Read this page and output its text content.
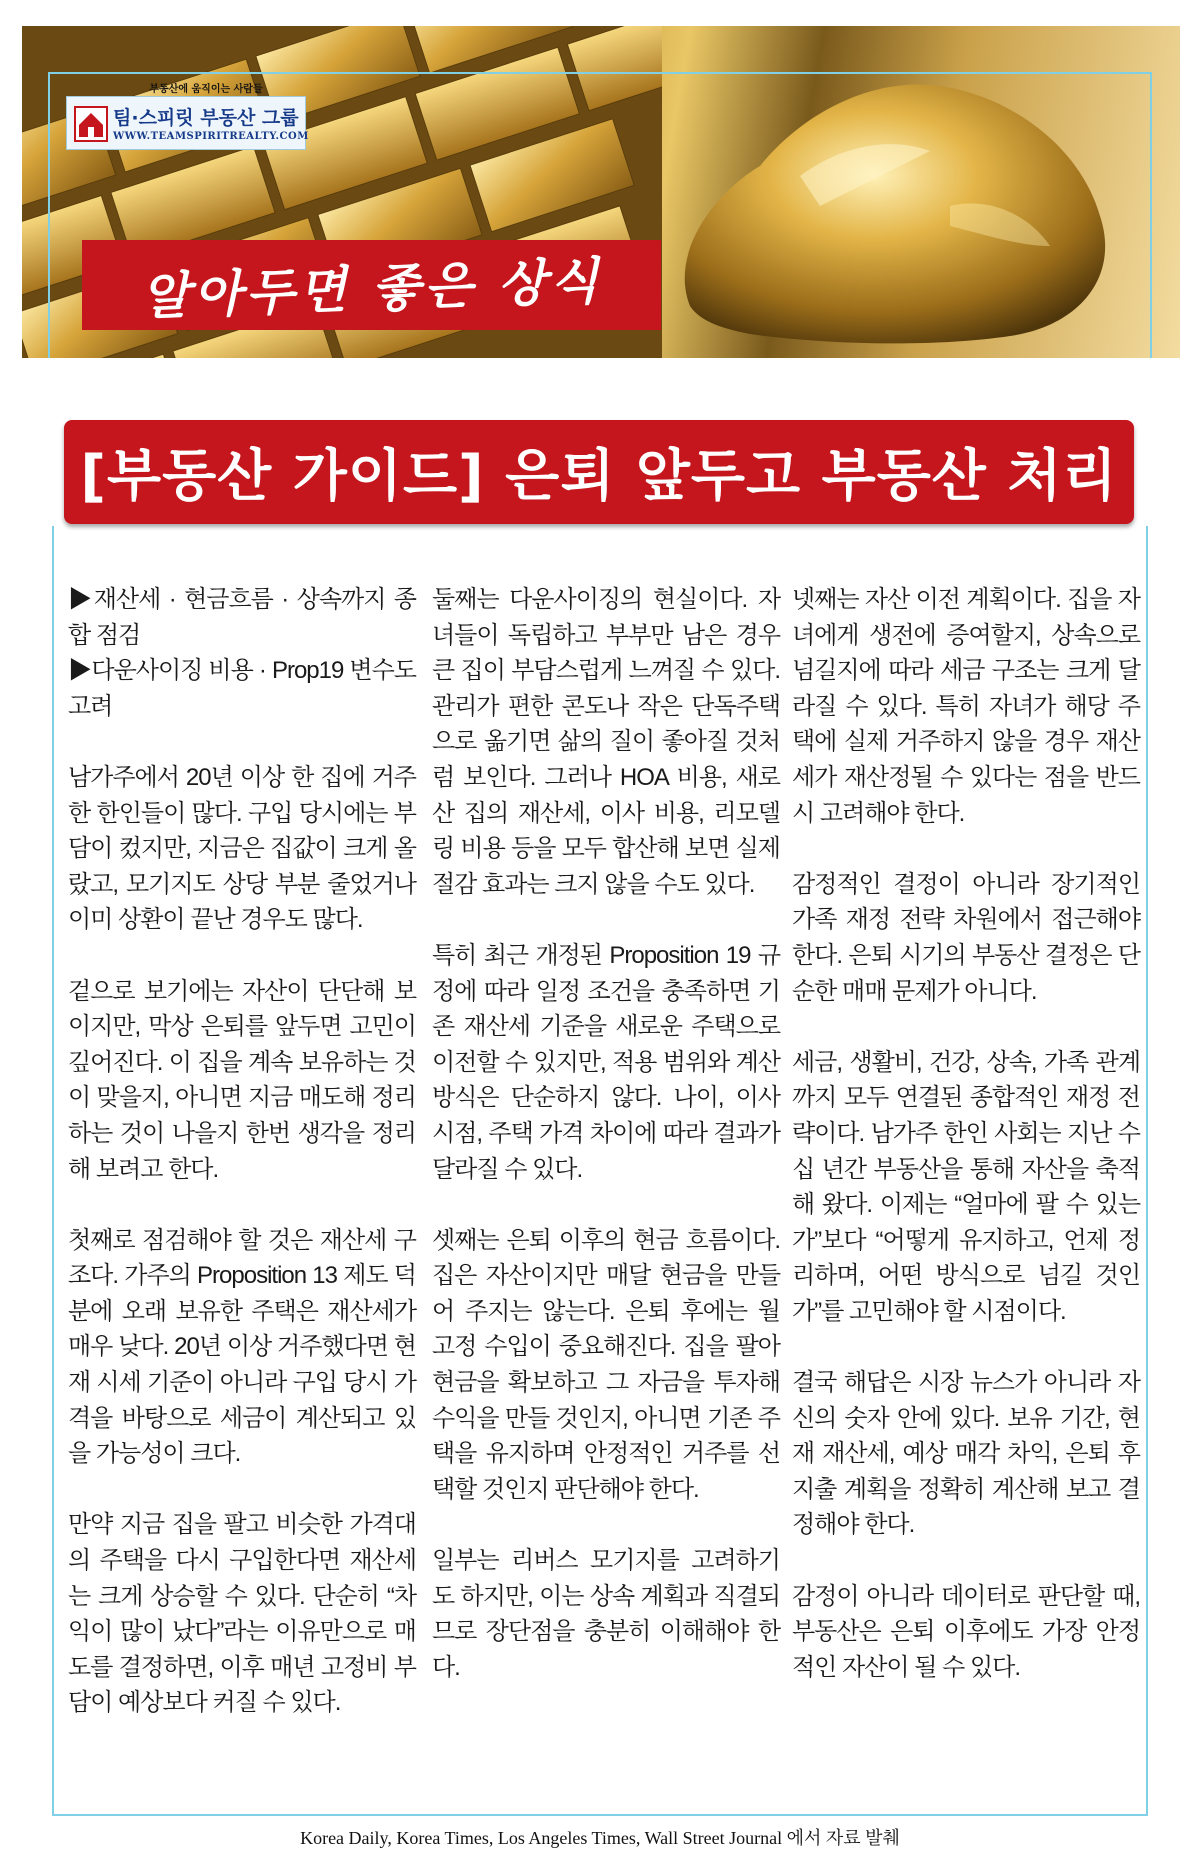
알아두면 좋은 상식
부동산에 움직이는 사람들
팀·스피릿 부동산 그룹
WWW.TEAMSPIRITREALTY.COM
[부동산 가이드] 은퇴 앞두고 부동산 처리

▶재산세 · 현금흐름 · 상속까지 종합 점검

▶다운사이징 비용 · Prop19 변수도 고려

남가주에서 20년 이상 한 집에 거주한 한인들이 많다. 구입 당시에는 부담이 컸지만, 지금은 집값이 크게 올랐고, 모기지도 상당 부분 줄었거나 이미 상환이 끝난 경우도 많다.

겉으로 보기에는 자산이 단단해 보이지만, 막상 은퇴를 앞두면 고민이 깊어진다. 이 집을 계속 보유하는 것이 맞을지, 아니면 지금 매도해 정리하는 것이 나을지 한번 생각을 정리해 보려고 한다.

첫째로 점검해야 할 것은 재산세 구조다. 가주의 Proposition 13 제도 덕분에 오래 보유한 주택은 재산세가 매우 낮다. 20년 이상 거주했다면 현재 시세 기준이 아니라 구입 당시 가격을 바탕으로 세금이 계산되고 있을 가능성이 크다.

만약 지금 집을 팔고 비슷한 가격대의 주택을 다시 구입한다면 재산세는 크게 상승할 수 있다. 단순히 “차익이 많이 났다”라는 이유만으로 매도를 결정하면, 이후 매년 고정비 부담이 예상보다 커질 수 있다.

둘째는 다운사이징의 현실이다. 자녀들이 독립하고 부부만 남은 경우 큰 집이 부담스럽게 느껴질 수 있다. 관리가 편한 콘도나 작은 단독주택으로 옮기면 삶의 질이 좋아질 것처럼 보인다. 그러나 HOA 비용, 새로 산 집의 재산세, 이사 비용, 리모델링 비용 등을 모두 합산해 보면 실제 절감 효과는 크지 않을 수도 있다.

특히 최근 개정된 Proposition 19 규정에 따라 일정 조건을 충족하면 기존 재산세 기준을 새로운 주택으로 이전할 수 있지만, 적용 범위와 계산 방식은 단순하지 않다. 나이, 이사 시점, 주택 가격 차이에 따라 결과가 달라질 수 있다.

셋째는 은퇴 이후의 현금 흐름이다. 집은 자산이지만 매달 현금을 만들어 주지는 않는다. 은퇴 후에는 월 고정 수입이 중요해진다. 집을 팔아 현금을 확보하고 그 자금을 투자해 수익을 만들 것인지, 아니면 기존 주택을 유지하며 안정적인 거주를 선택할 것인지 판단해야 한다.

일부는 리버스 모기지를 고려하기도 하지만, 이는 상속 계획과 직결되므로 장단점을 충분히 이해해야 한다.

넷째는 자산 이전 계획이다. 집을 자녀에게 생전에 증여할지, 상속으로 넘길지에 따라 세금 구조는 크게 달라질 수 있다. 특히 자녀가 해당 주택에 실제 거주하지 않을 경우 재산세가 재산정될 수 있다는 점을 반드시 고려해야 한다.

감정적인 결정이 아니라 장기적인 가족 재정 전략 차원에서 접근해야 한다. 은퇴 시기의 부동산 결정은 단순한 매매 문제가 아니다.

세금, 생활비, 건강, 상속, 가족 관계까지 모두 연결된 종합적인 재정 전략이다. 남가주 한인 사회는 지난 수십 년간 부동산을 통해 자산을 축적해 왔다. 이제는 “얼마에 팔 수 있는가”보다 “어떻게 유지하고, 언제 정리하며, 어떤 방식으로 넘길 것인가”를 고민해야 할 시점이다.

결국 해답은 시장 뉴스가 아니라 자신의 숫자 안에 있다. 보유 기간, 현재 재산세, 예상 매각 차익, 은퇴 후 지출 계획을 정확히 계산해 보고 결정해야 한다.

감정이 아니라 데이터로 판단할 때, 부동산은 은퇴 이후에도 가장 안정적인 자산이 될 수 있다.

Korea Daily, Korea Times, Los Angeles Times, Wall Street Journal 에서 자료 발췌
